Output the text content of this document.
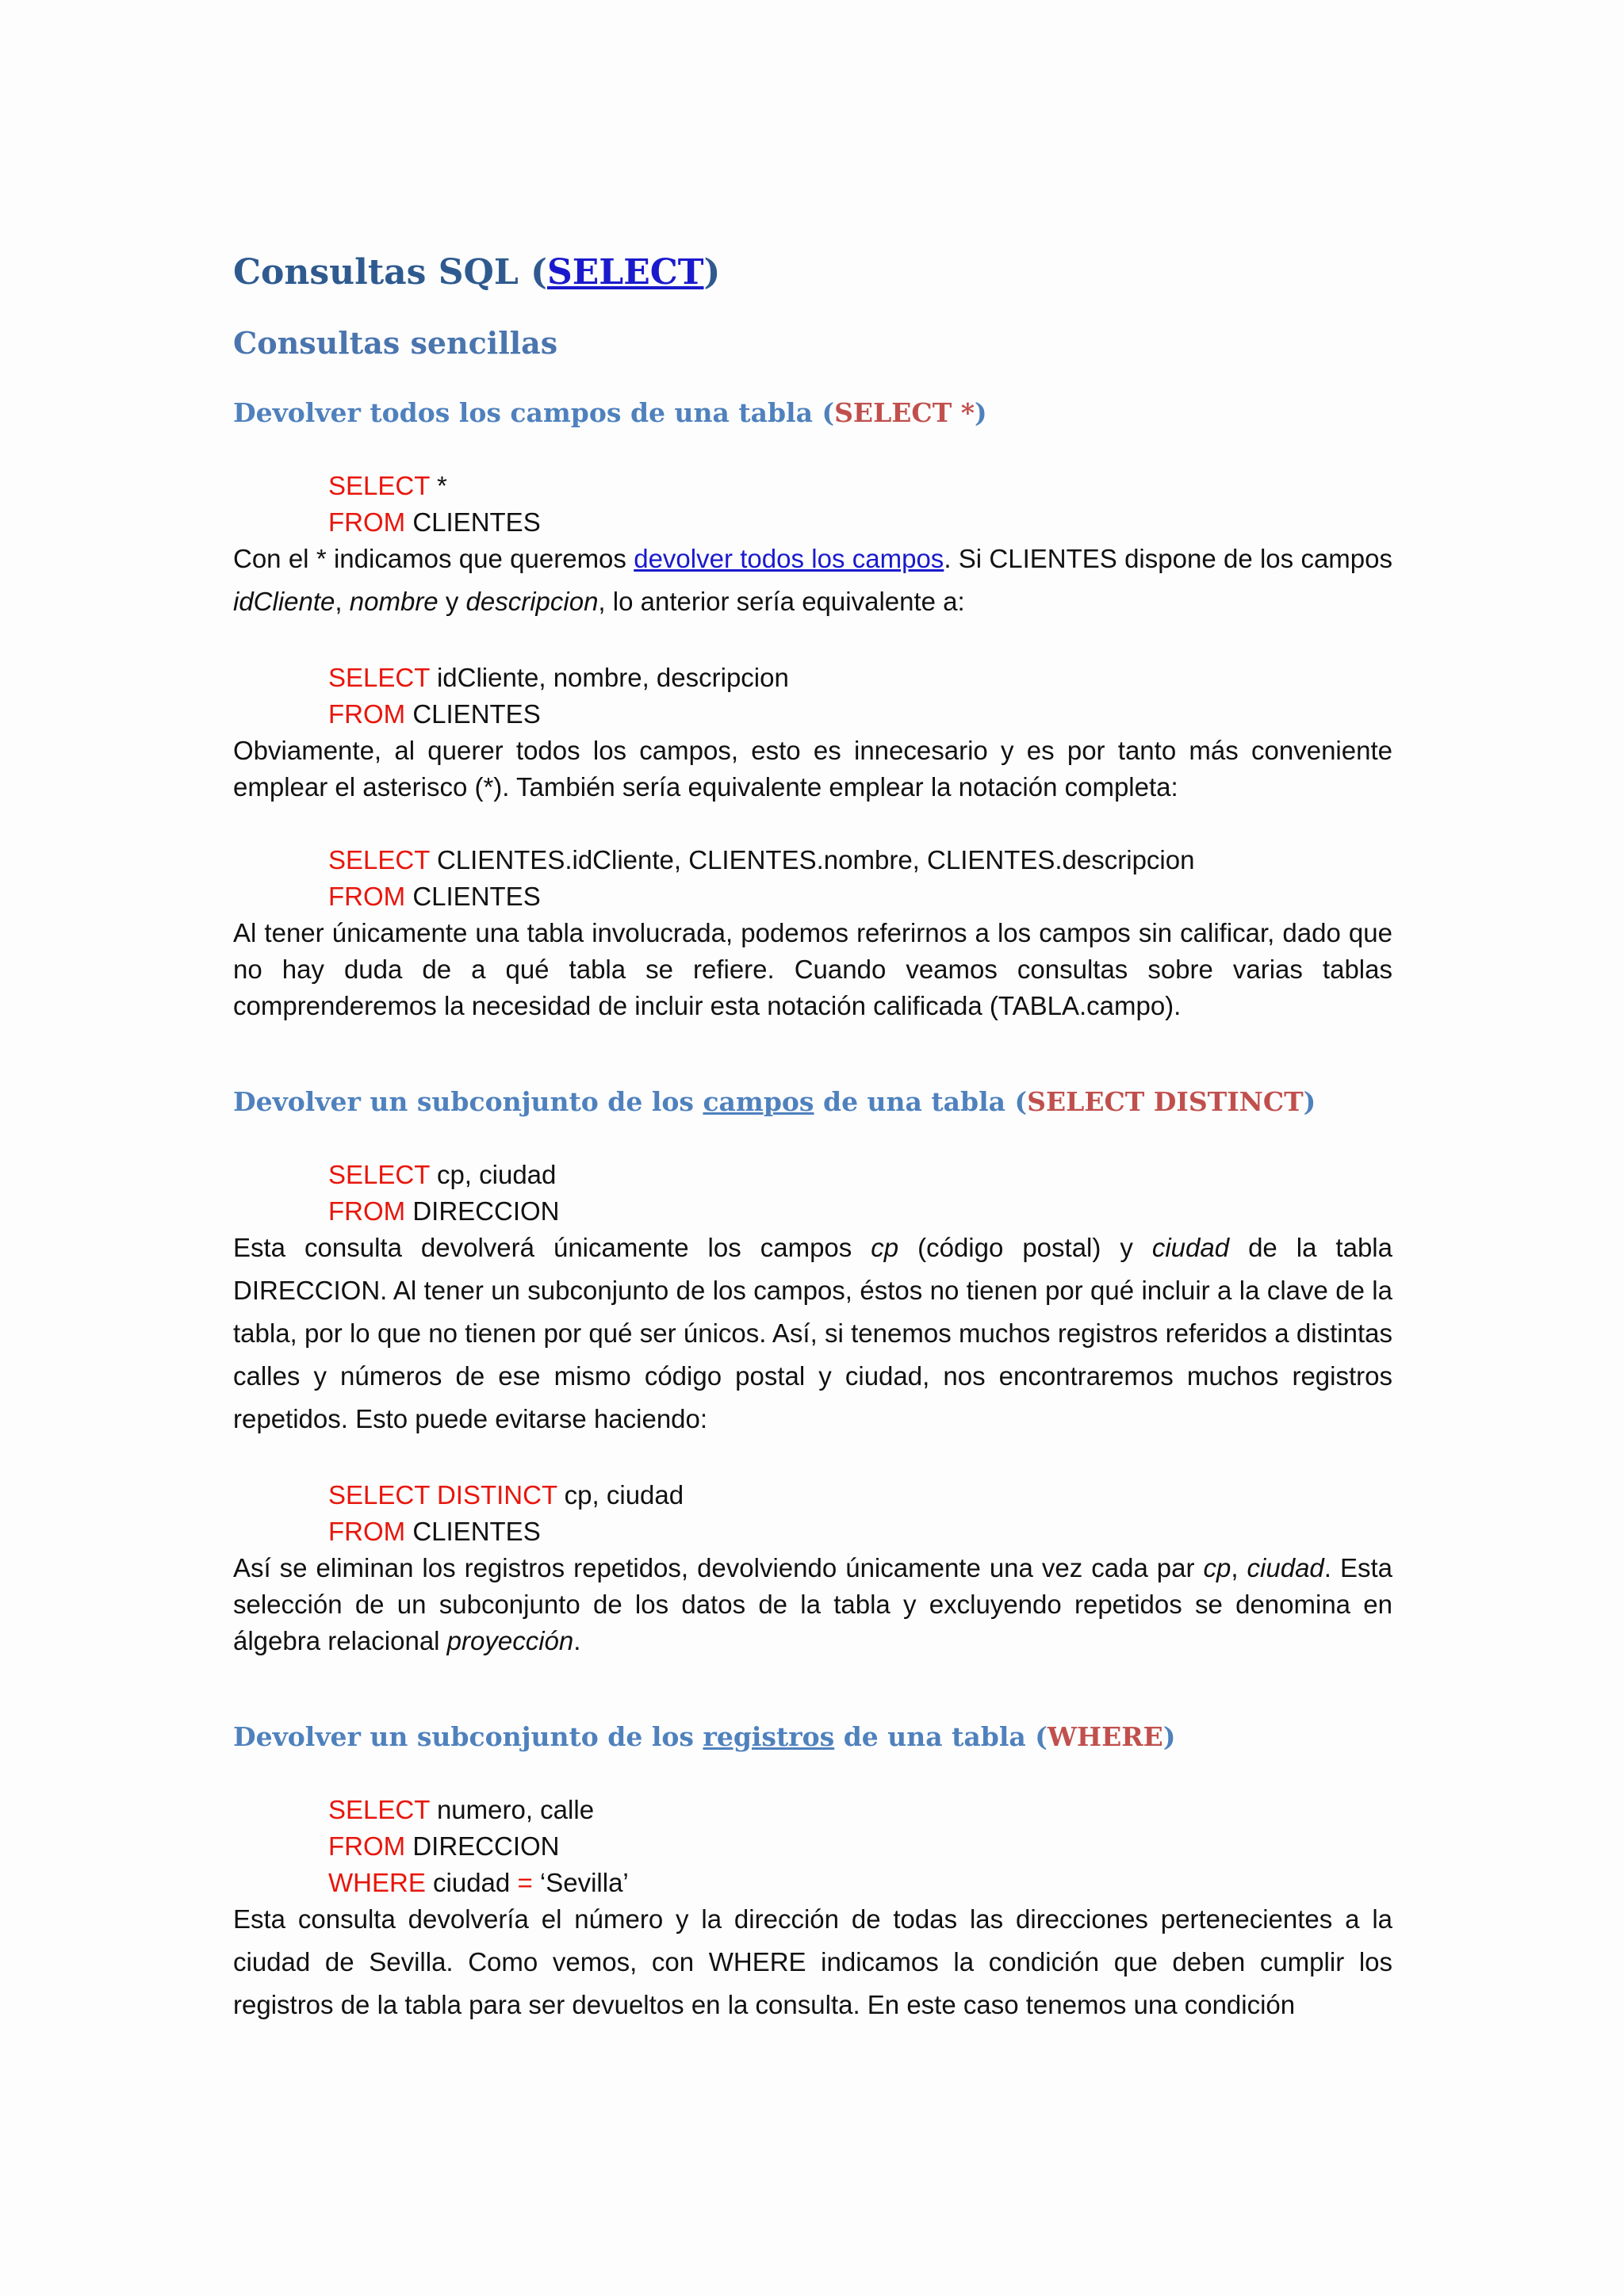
Consultas SQL (SELECT)
Consultas sencillas
Devolver todos los campos de una tabla (SELECT *)
SELECT *
FROM CLIENTES

Con el * indicamos que queremos devolver todos los campos. Si CLIENTES dispone de los campos idCliente, nombre y descripcion, lo anterior sería equivalente a:

SELECT idCliente, nombre, descripcion
FROM CLIENTES

Obviamente, al querer todos los campos, esto es innecesario y es por tanto más conveniente emplear el asterisco (*). También sería equivalente emplear la notación completa:

SELECT CLIENTES.idCliente, CLIENTES.nombre, CLIENTES.descripcion
FROM CLIENTES

Al tener únicamente una tabla involucrada, podemos referirnos a los campos sin calificar, dado que no hay duda de a qué tabla se refiere. Cuando veamos consultas sobre varias tablas comprenderemos la necesidad de incluir esta notación calificada (TABLA.campo).

Devolver un subconjunto de los campos de una tabla (SELECT DISTINCT)
SELECT cp, ciudad
FROM DIRECCION

Esta consulta devolverá únicamente los campos cp (código postal) y ciudad de la tabla DIRECCION. Al tener un subconjunto de los campos, éstos no tienen por qué incluir a la clave de la tabla, por lo que no tienen por qué ser únicos. Así, si tenemos muchos registros referidos a distintas calles y números de ese mismo código postal y ciudad, nos encontraremos muchos registros repetidos. Esto puede evitarse haciendo:

SELECT DISTINCT cp, ciudad
FROM CLIENTES

Así se eliminan los registros repetidos, devolviendo únicamente una vez cada par cp, ciudad. Esta selección de un subconjunto de los datos de la tabla y excluyendo repetidos se denomina en álgebra relacional proyección.

Devolver un subconjunto de los registros de una tabla (WHERE)
SELECT numero, calle
FROM DIRECCION
WHERE ciudad = ‘Sevilla’

Esta consulta devolvería el número y la dirección de todas las direcciones pertenecientes a la ciudad de Sevilla. Como vemos, con WHERE indicamos la condición que deben cumplir los registros de la tabla para ser devueltos en la consulta. En este caso tenemos una condición
